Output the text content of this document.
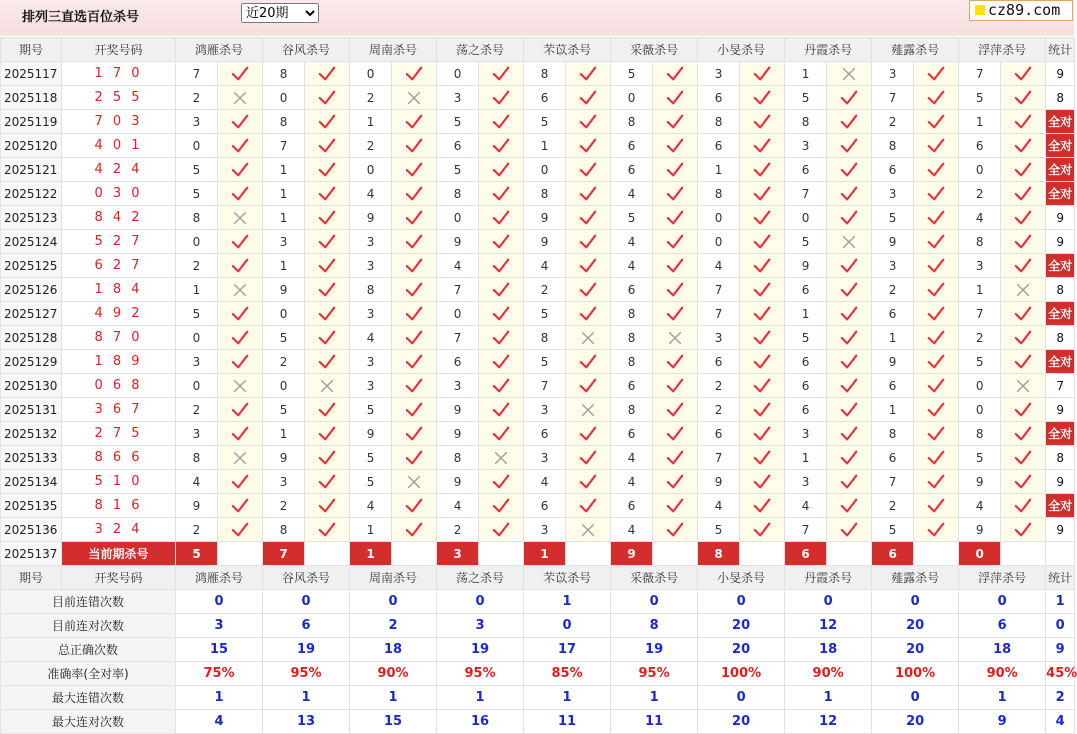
排列三直选百位杀号
近20期	cz89.com
期号	开奖号码	鸿雁杀号		谷风杀号		周南杀号		荡之杀号		芣苡杀号		采薇杀号		小旻杀号		丹霞杀号		薤露杀号		浮萍杀号		统计
2025117	1 7 0	7		8		0		0		8		5		3		1		3		7		9
2025118	2 5 5	2		0		2		3		6		0		6		5		7		5		8
2025119	7 0 3	3		8		1		5		5		8		8		8		2		1		全对
2025120	4 0 1	0		7		2		6		1		6		6		3		8		6		全对
2025121	4 2 4	5		1		0		5		0		6		1		6		6		0		全对
2025122	0 3 0	5		1		4		8		8		4		8		7		3		2		全对
2025123	8 4 2	8		1		9		0		9		5		0		0		5		4		9
2025124	5 2 7	0		3		3		9		9		4		0		5		9		8		9
2025125	6 2 7	2		1		3		4		4		4		4		9		3		3		全对
2025126	1 8 4	1		9		8		7		2		6		7		6		2		1		8
2025127	4 9 2	5		0		3		0		5		8		7		1		6		7		全对
2025128	8 7 0	0		5		4		7		8		8		3		5		1		2		8
2025129	1 8 9	3		2		3		6		5		8		6		6		9		5		全对
2025130	0 6 8	0		0		3		3		7		6		2		6		6		0		7
2025131	3 6 7	2		5		5		9		3		8		2		6		1		0		9
2025132	2 7 5	3		1		9		9		6		6		6		3		8		8		全对
2025133	8 6 6	8		9		5		8		3		4		7		1		6		5		8
2025134	5 1 0	4		3		5		9		4		4		9		3		7		9		9
2025135	8 1 6	9		2		4		4		6		6		4		4		2		4		全对
2025136	3 2 4	2		8		1		2		3		4		5		7		5		9		9
2025137	当前期杀号	5		7		1		3		1		9		8		6		6		0		
期号	开奖号码	鸿雁杀号		谷风杀号		周南杀号		荡之杀号		芣苡杀号		采薇杀号		小旻杀号		丹霞杀号		薤露杀号		浮萍杀号		统计
目前连错次数		0		0		0		0		1		0		0		0		0		0		1
目前连对次数		3		6		2		3		0		8		20		12		20		6		0
总正确次数		15		19		18		19		17		19		20		18		20		18		9
准确率(全对率)		75%		95%		90%		95%		85%		95%		100%		90%		100%		90%		45%
最大连错次数		1		1		1		1		1		1		0		1		0		1		2
最大连对次数		4		13		15		16		11		11		20		12		20		9		4
